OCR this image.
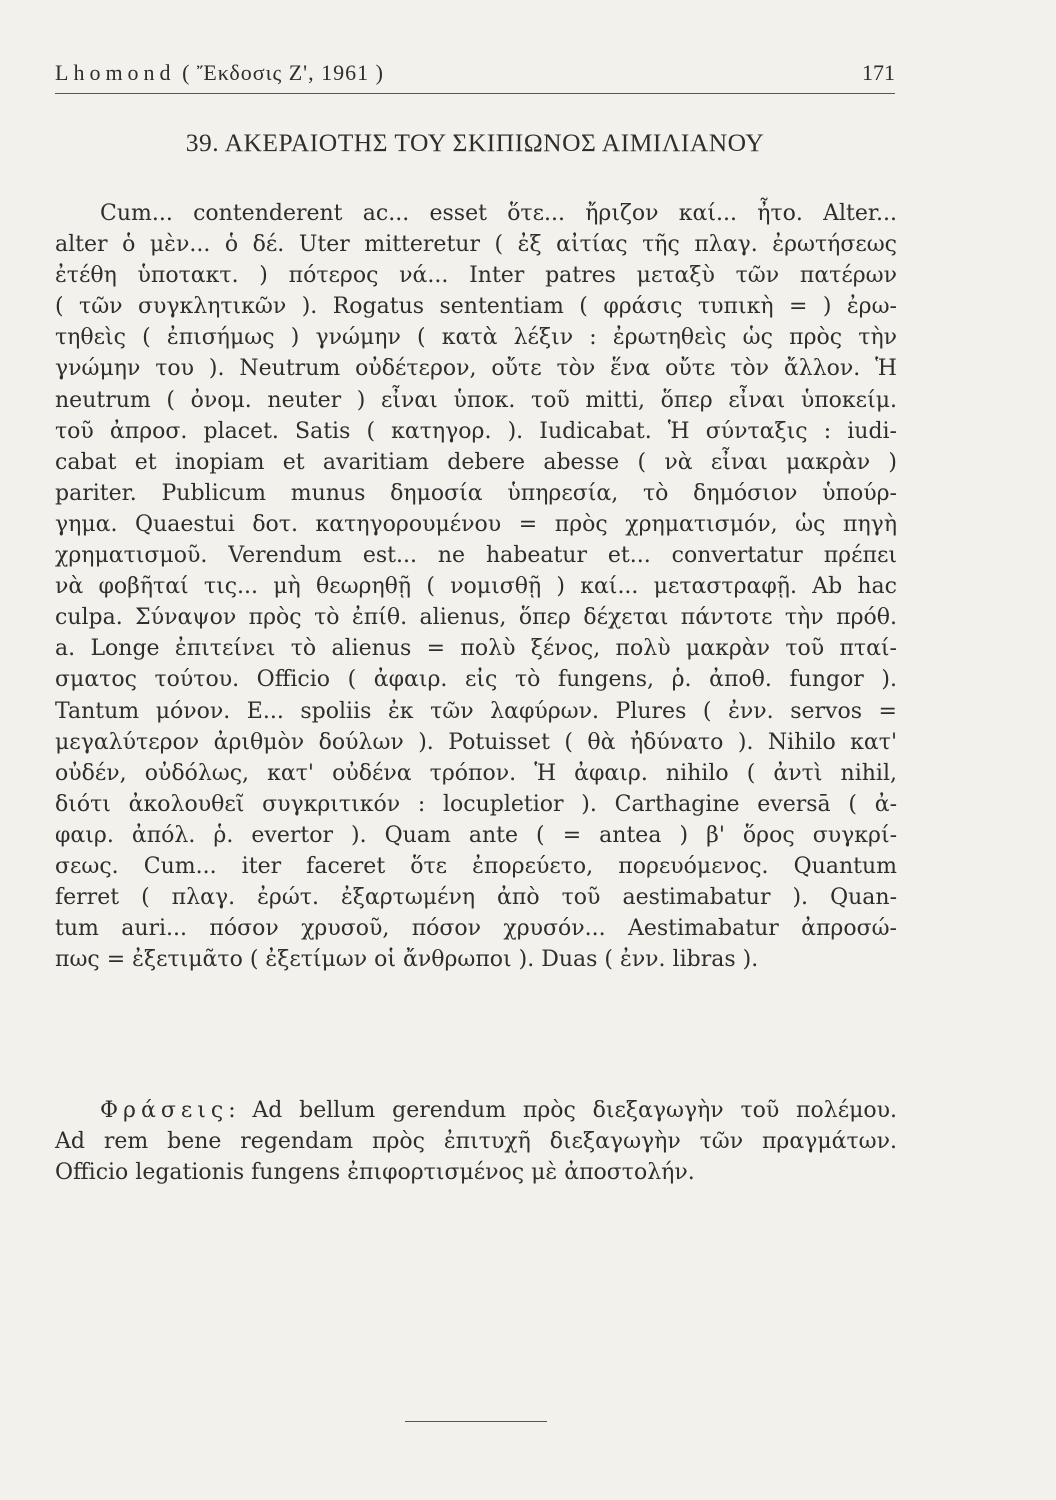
Lhomond ( Ἔκδοσις Ζ', 1961 )	171
39. ΑΚΕΡΑΙΟΤΗΣ ΤΟΥ ΣΚΙΠΙΩΝΟΣ ΑΙΜΙΛΙΑΝΟΥ
Cum... contenderent ac... esset ὅτε... ἤριζον καί... ἦτο. Alter...
alter ὁ μὲν... ὁ δέ. Uter mitteretur ( ἐξ αἰτίας τῆς πλαγ. ἐρωτήσεως
ἐτέθη ὑποτακτ. ) πότερος νά... Inter patres μεταξὺ τῶν πατέρων
( τῶν συγκλητικῶν ). Rogatus sententiam ( φράσις τυπικὴ = ) ἐρω-
τηθεὶς ( ἐπισήμως ) γνώμην ( κατὰ λέξιν : ἐρωτηθεὶς ὡς πρὸς τὴν
γνώμην του ). Neutrum οὐδέτερον, οὔτε τὸν ἕνα οὔτε τὸν ἄλλον. Ἡ
neutrum ( ὀνομ. neuter ) εἶναι ὑποκ. τοῦ mitti, ὅπερ εἶναι ὑποκείμ.
τοῦ ἀπροσ. placet. Satis ( κατηγορ. ). Iudicabat. Ἡ σύνταξις : iudi-
cabat et inopiam et avaritiam debere abesse ( νὰ εἶναι μακρὰν )
pariter. Publicum munus δημοσία ὑπηρεσία, τὸ δημόσιον ὑπούρ-
γημα. Quaestui δοτ. κατηγορουμένου = πρὸς χρηματισμόν, ὡς πηγὴ
χρηματισμοῦ. Verendum est... ne habeatur et... convertatur πρέπει
νὰ φοβῆταί τις... μὴ θεωρηθῇ ( νομισθῇ ) καί... μεταστραφῇ. Ab hac
culpa. Σύναψον πρὸς τὸ ἐπίθ. alienus, ὅπερ δέχεται πάντοτε τὴν πρόθ.
a. Longe ἐπιτείνει τὸ alienus = πολὺ ξένος, πολὺ μακρὰν τοῦ πταί-
σματος τούτου. Officio ( ἀφαιρ. εἰς τὸ fungens, ῥ. ἀποθ. fungor ).
Tantum μόνον. E... spoliis ἐκ τῶν λαφύρων. Plures ( ἐνν. servos =
μεγαλύτερον ἀριθμὸν δούλων ). Potuisset ( θὰ ἠδύνατο ). Nihilo κατ'
οὐδέν, οὐδόλως, κατ' οὐδένα τρόπον. Ἡ ἀφαιρ. nihilo ( ἀντὶ nihil,
διότι ἀκολουθεῖ συγκριτικόν : locupletior ). Carthagine eversā ( ἀ-
φαιρ. ἀπόλ. ῥ. evertor ). Quam ante ( = antea ) β' ὅρος συγκρί-
σεως. Cum... iter faceret ὅτε ἐπορεύετο, πορευόμενος. Quantum
ferret ( πλαγ. ἐρώτ. ἐξαρτωμένη ἀπὸ τοῦ aestimabatur ). Quan-
tum auri... πόσον χρυσοῦ, πόσον χρυσόν... Aestimabatur ἀπροσώ-
πως = ἐξετιμᾶτο ( ἐξετίμων οἱ ἄνθρωποι ). Duas ( ἐνν. libras ).
Φράσεις: Ad bellum gerendum πρὸς διεξαγωγὴν τοῦ πολέμου.
Ad rem bene regendam πρὸς ἐπιτυχῆ διεξαγωγὴν τῶν πραγμάτων.
Officio legationis fungens ἐπιφορτισμένος μὲ ἀποστολήν.
